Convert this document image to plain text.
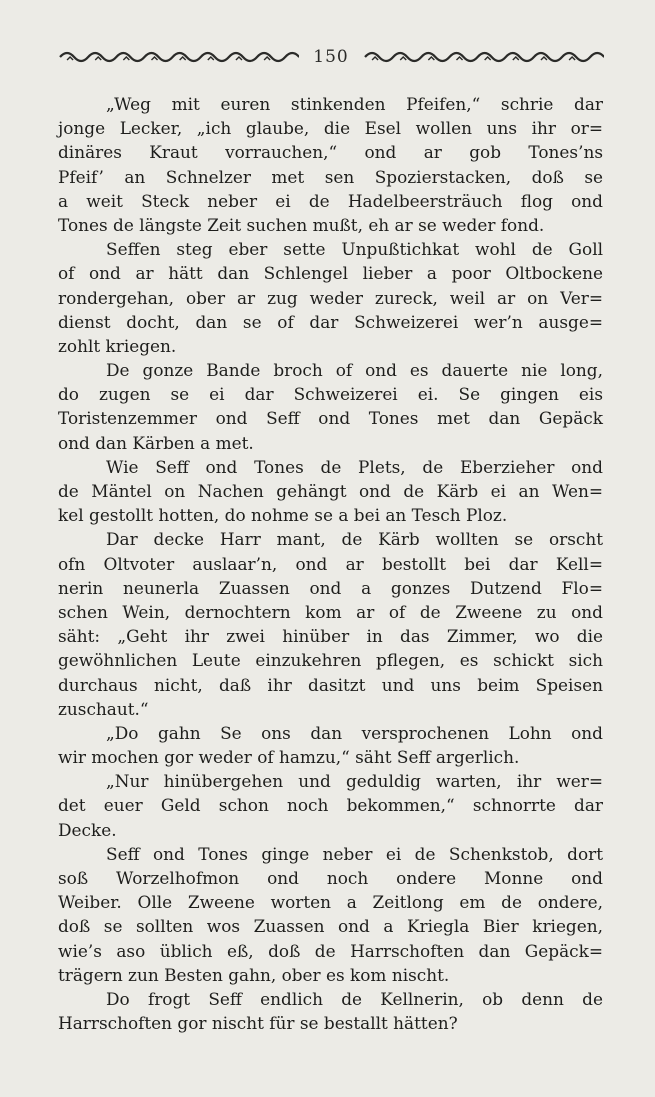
150
„Weg mit euren stinkenden Pfeifen,“ schrie dar
jonge Lecker, „ich glaube, die Esel wollen uns ihr or=
dinäres Kraut vorrauchen,“ ond ar gob Tones’ns
Pfeif’ an Schnelzer met sen Spozierstacken, doß se
a weit Steck neber ei de Hadelbeersträuch flog ond
Tones de längste Zeit suchen mußt, eh ar se weder fond.
Seffen steg eber sette Unpußtichkat wohl de Goll
of ond ar hätt dan Schlengel lieber a poor Oltbockene
rondergehan, ober ar zug weder zureck, weil ar on Ver=
dienst docht, dan se of dar Schweizerei wer’n ausge=
zohlt kriegen.
De gonze Bande broch of ond es dauerte nie long,
do zugen se ei dar Schweizerei ei. Se gingen eis
Toristenzemmer ond Seff ond Tones met dan Gepäck
ond dan Kärben a met.
Wie Seff ond Tones de Plets, de Eberzieher ond
de Mäntel on Nachen gehängt ond de Kärb ei an Wen=
kel gestollt hotten, do nohme se a bei an Tesch Ploz.
Dar decke Harr mant, de Kärb wollten se orscht
ofn Oltvoter auslaar’n, ond ar bestollt bei dar Kell=
nerin neunerla Zuassen ond a gonzes Dutzend Flo=
schen Wein, dernochtern kom ar of de Zweene zu ond
säht: „Geht ihr zwei hinüber in das Zimmer, wo die
gewöhnlichen Leute einzukehren pflegen, es schickt sich
durchaus nicht, daß ihr dasitzt und uns beim Speisen
zuschaut.“
„Do gahn Se ons dan versprochenen Lohn ond
wir mochen gor weder of hamzu,“ säht Seff argerlich.
„Nur hinübergehen und geduldig warten, ihr wer=
det euer Geld schon noch bekommen,“ schnorrte dar
Decke.
Seff ond Tones ginge neber ei de Schenkstob, dort
soß Worzelhofmon ond noch ondere Monne ond
Weiber. Olle Zweene worten a Zeitlong em de ondere,
doß se sollten wos Zuassen ond a Kriegla Bier kriegen,
wie’s aso üblich eß, doß de Harrschoften dan Gepäck=
trägern zun Besten gahn, ober es kom nischt.
Do frogt Seff endlich de Kellnerin, ob denn de
Harrschoften gor nischt für se bestallt hätten?
